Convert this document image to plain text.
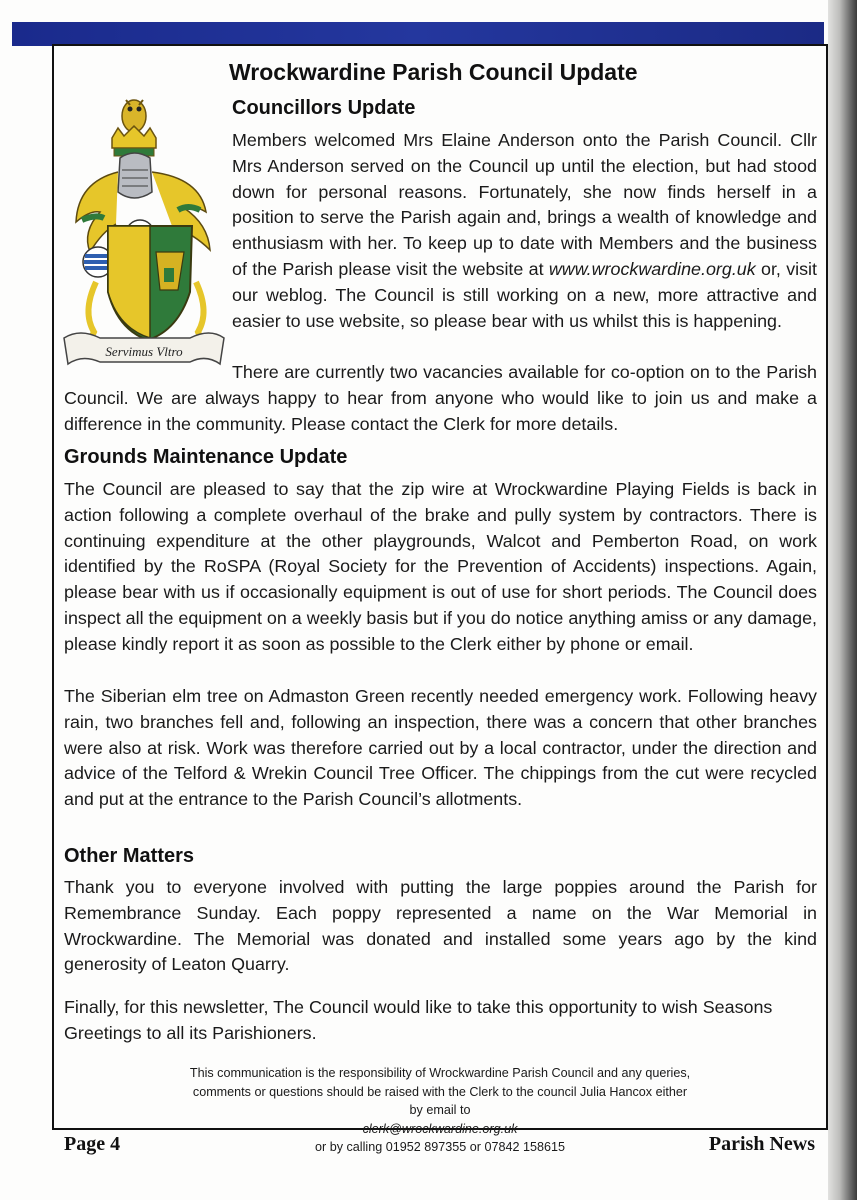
Servimus Vltro
Wrockwardine Parish Council Update
Councillors Update

Members welcomed Mrs Elaine Anderson onto the Parish Council. Cllr Mrs Anderson served on the Council up until the election, but had stood down for personal reasons. Fortunately, she now finds herself in a position to serve the Parish again and, brings a wealth of knowledge and enthusiasm with her. To keep up to date with Members and the business of the Parish please visit the website at www.wrockwardine.org.uk or, visit our weblog. The Council is still working on a new, more attractive and easier to use website, so please bear with us whilst this is happening.

There are currently two vacancies available for co-option on to the Parish Council. We are always happy to hear from anyone who would like to join us and make a difference in the community. Please contact the Clerk for more details.

Grounds Maintenance Update

The Council are pleased to say that the zip wire at Wrockwardine Playing Fields is back in action following a complete overhaul of the brake and pully system by contractors. There is continuing expenditure at the other playgrounds, Walcot and Pemberton Road, on work identified by the RoSPA (Royal Society for the Prevention of Accidents) inspections. Again, please bear with us if occasionally equipment is out of use for short periods. The Council does inspect all the equipment on a weekly basis but if you do notice anything amiss or any damage, please kindly report it as soon as possible to the Clerk either by phone or email.

The Siberian elm tree on Admaston Green recently needed emergency work. Following heavy rain, two branches fell and, following an inspection, there was a concern that other branches were also at risk. Work was therefore carried out by a local contractor, under the direction and advice of the Telford & Wrekin Council Tree Officer. The chippings from the cut were recycled and put at the entrance to the Parish Council’s allotments.

Other Matters

Thank you to everyone involved with putting the large poppies around the Parish for Remembrance Sunday. Each poppy represented a name on the War Memorial in Wrockwardine. The Memorial was donated and installed some years ago by the kind generosity of Leaton Quarry.

Finally, for this newsletter, The Council would like to take this opportunity to wish Seasons Greetings to all its Parishioners.

This communication is the responsibility of Wrockwardine Parish Council and any queries,
comments or questions should be raised with the Clerk to the council Julia Hancox either
by email to
clerk@wrockwardine.org.uk
or by calling 01952 897355 or 07842 158615

Page 4	Parish News
